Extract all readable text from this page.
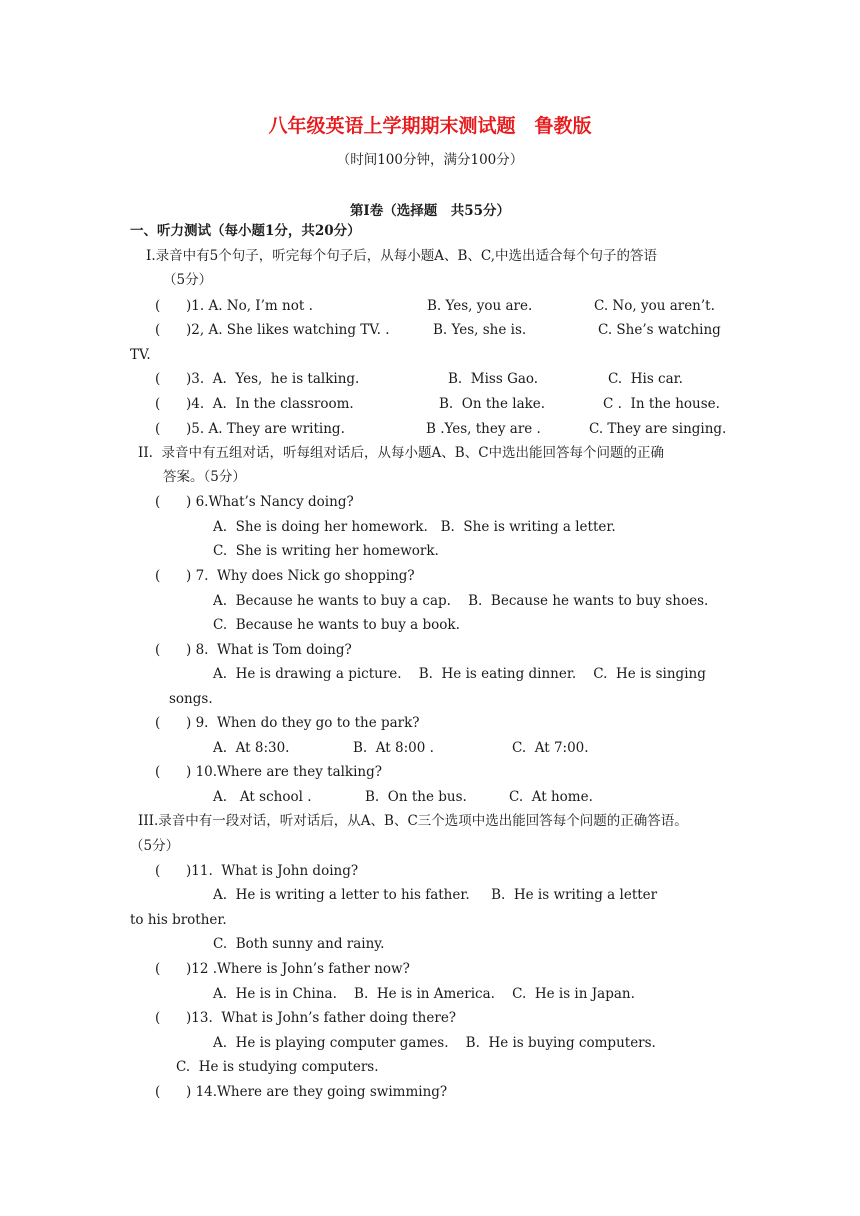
八年级英语上学期期末测试题　鲁教版
（时间100分钟，满分100分）
第Ⅰ卷（选择题　共55分）
一、听力测试（每小题1分，共20分）
I.录音中有5个句子，听完每个句子后，从每小题A、B、C,中选出适合每个句子的答语
（5分）
(      )1. A. No, I’m not .	B. Yes, you are.	C. No, you aren’t.
(      )2, A. She likes watching TV. .	B. Yes, she is.	C. She’s watching
TV.
(      )3.  A.  Yes,  he is talking.	B.  Miss Gao.	C.  His car.
(      )4.  A.  In the classroom.	B.  On the lake.	C .  In the house.
(      )5. A. They are writing.	B .Yes, they are .	C. They are singing.
II.  录音中有五组对话，听每组对话后，从每小题A、B、C中选出能回答每个问题的正确
答案。（5分）
(      ) 6.What’s Nancy doing?
A.  She is doing her homework.   B.  She is writing a letter.
C.  She is writing her homework.
(      ) 7.  Why does Nick go shopping?
A.  Because he wants to buy a cap.    B.  Because he wants to buy shoes.
C.  Because he wants to buy a book.
(      ) 8.  What is Tom doing?
A.  He is drawing a picture.    B.  He is eating dinner.    C.  He is singing
songs.
(      ) 9.  When do they go to the park?
A.  At 8:30.	B.  At 8:00 .	C.  At 7:00.
(      ) 10.Where are they talking?
A.   At school .	B.  On the bus.	C.  At home.
III.录音中有一段对话，听对话后，从A、B、C三个选项中选出能回答每个问题的正确答语。
（5分）
(      )11.  What is John doing?
A.  He is writing a letter to his father.     B.  He is writing a letter
to his brother.
C.  Both sunny and rainy.
(      )12 .Where is John’s father now?
A.  He is in China.    B.  He is in America.    C.  He is in Japan.
(      )13.  What is John’s father doing there?
A.  He is playing computer games.    B.  He is buying computers.
C.  He is studying computers.
(      ) 14.Where are they going swimming?
